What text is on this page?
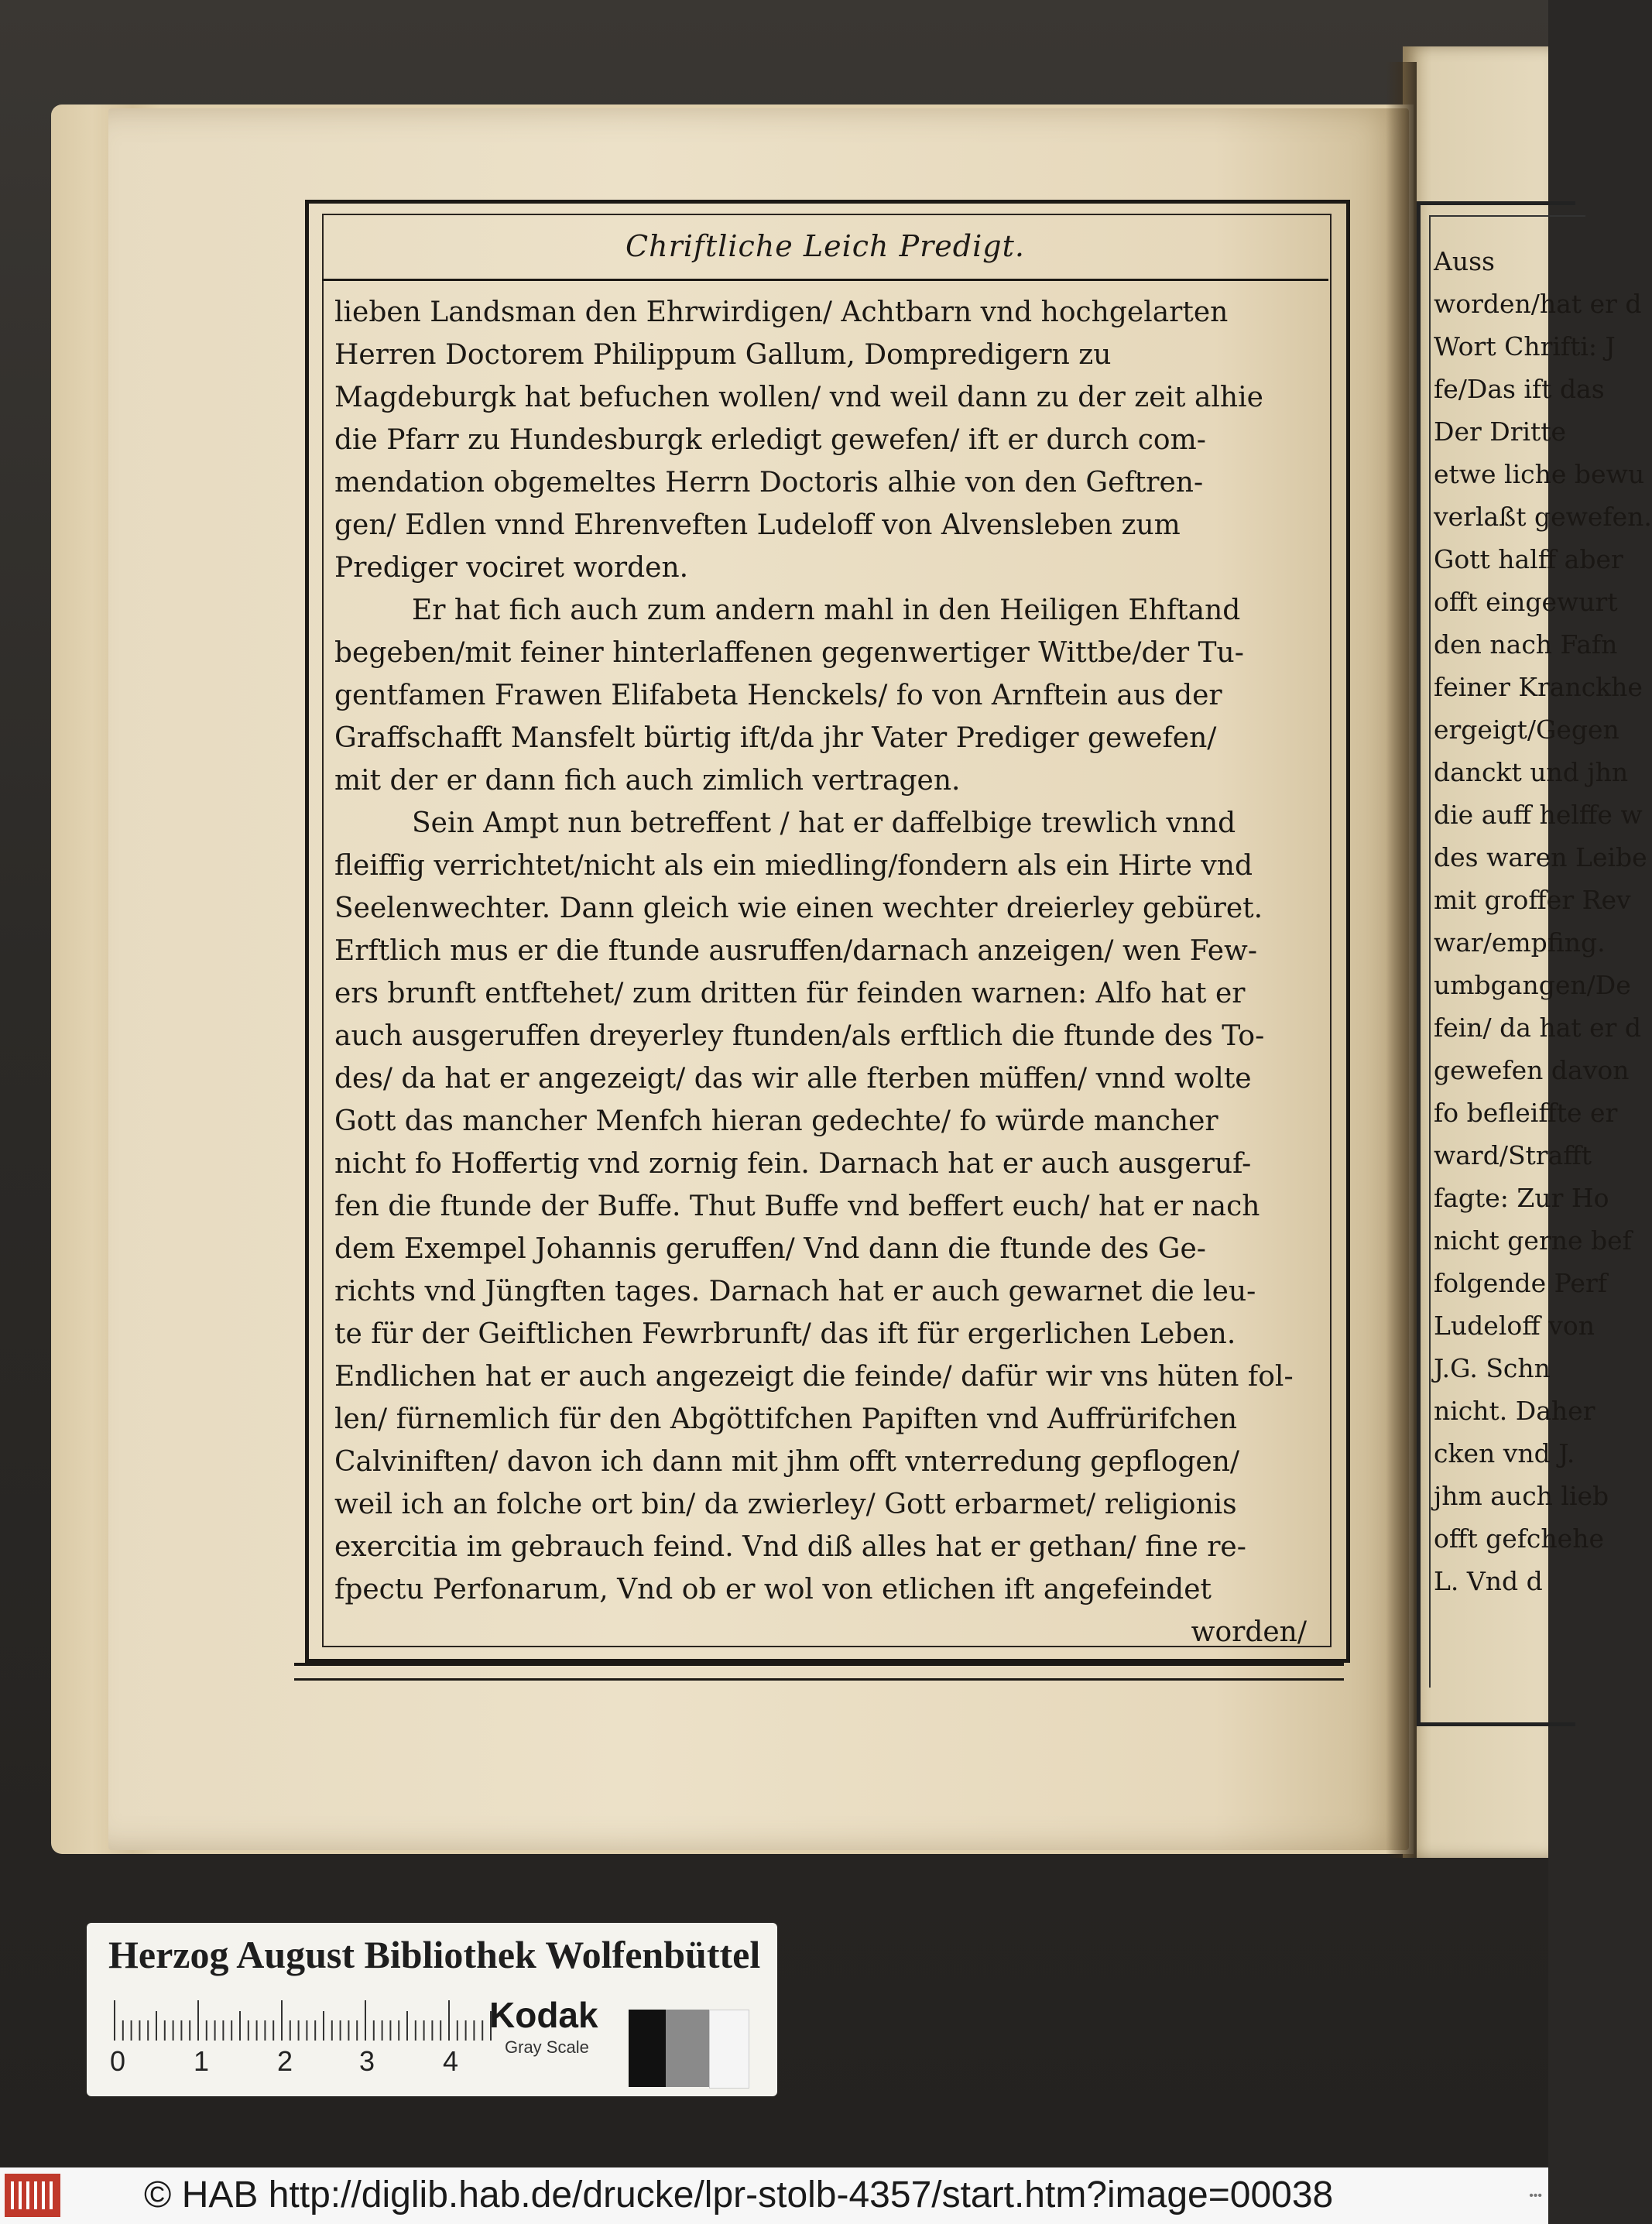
Auss
worden/hat er d
Wort Chrifti: J
fe/Das ift das
Der Dritte
etwe liche bewu
verlaßt gewefen.
Gott halff aber
offt eingewurt
den nach Fafn
feiner Kranckhe
ergeigt/Gegen
danckt und jhn
die auff helffe w
des waren Leibe
mit groffer Rev
war/empfing.
umbgangen/De
fein/ da hat er d
gewefen davon
fo befleiffte er
ward/Strafft
fagte: Zur Ho
nicht gerne bef
folgende Perf
Ludeloff von
J.G. Schn
nicht. Daher
cken vnd J.
jhm auch lieb
offt gefchehe
L. Vnd d
Chriftliche Leich Predigt.
lieben Landsman den Ehrwirdigen/ Achtbarn vnd hochgelarten
Herren Doctorem Philippum Gallum, Dompredigern zu
Magdeburgk hat befuchen wollen/ vnd weil dann zu der zeit alhie
die Pfarr zu Hundesburgk erledigt gewefen/ ift er durch com-
mendation obgemeltes Herrn Doctoris alhie von den Geftren-
gen/ Edlen vnnd Ehrenveften Ludeloff von Alvensleben zum
Prediger vociret worden.
Er hat fich auch zum andern mahl in den Heiligen Ehftand
begeben/mit feiner hinterlaffenen gegenwertiger Wittbe/der Tu-
gentfamen Frawen Elifabeta Henckels/ fo von Arnftein aus der
Graffschafft Mansfelt bürtig ift/da jhr Vater Prediger gewefen/
mit der er dann fich auch zimlich vertragen.
Sein Ampt nun betreffent / hat er daffelbige trewlich vnnd
fleiffig verrichtet/nicht als ein miedling/fondern als ein Hirte vnd
Seelenwechter. Dann gleich wie einen wechter dreierley gebüret.
Erftlich mus er die ftunde ausruffen/darnach anzeigen/ wen Few-
ers brunft entftehet/ zum dritten für feinden warnen: Alfo hat er
auch ausgeruffen dreyerley ftunden/als erftlich die ftunde des To-
des/ da hat er angezeigt/ das wir alle fterben müffen/ vnnd wolte
Gott das mancher Menfch hieran gedechte/ fo würde mancher
nicht fo Hoffertig vnd zornig fein. Darnach hat er auch ausgeruf-
fen die ftunde der Buffe. Thut Buffe vnd beffert euch/ hat er nach
dem Exempel Johannis geruffen/ Vnd dann die ftunde des Ge-
richts vnd Jüngften tages. Darnach hat er auch gewarnet die leu-
te für der Geiftlichen Fewrbrunft/ das ift für ergerlichen Leben.
Endlichen hat er auch angezeigt die feinde/ dafür wir vns hüten fol-
len/ fürnemlich für den Abgöttifchen Papiften vnd Auffrürifchen
Calviniften/ davon ich dann mit jhm offt vnterredung gepflogen/
weil ich an folche ort bin/ da zwierley/ Gott erbarmet/ religionis
exercitia im gebrauch feind. Vnd diß alles hat er gethan/ fine re-
fpectu Perfonarum, Vnd ob er wol von etlichen ift angefeindet
worden/
Herzog August Bibliothek Wolfenbüttel
0 1 2 3 4
Kodak
Gray Scale
© HAB http://diglib.hab.de/drucke/lpr-stolb-4357/start.htm?image=00038	•••
